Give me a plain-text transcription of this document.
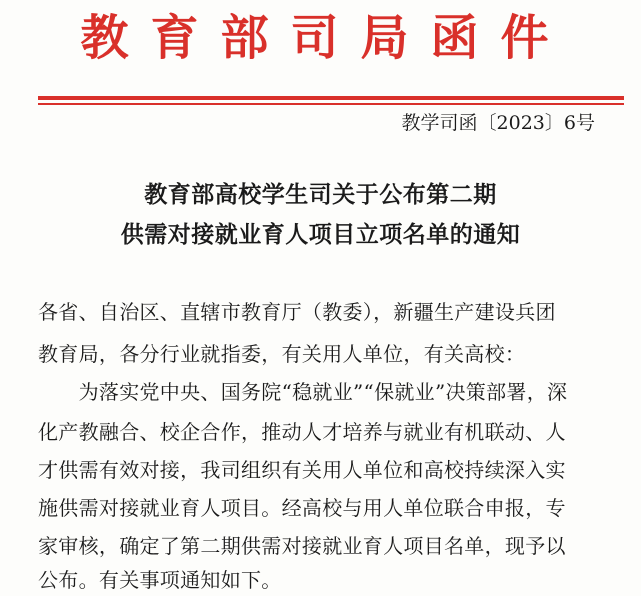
教育部司局函件
教学司函〔2023〕6号
教育部高校学生司关于公布第二期
供需对接就业育人项目立项名单的通知
各省、自治区、直辖市教育厅（教委），新疆生产建设兵团
教育局，各分行业就指委，有关用人单位，有关高校：
　　为落实党中央、国务院“稳就业”“保就业”决策部署，深
化产教融合、校企合作，推动人才培养与就业有机联动、人
才供需有效对接，我司组织有关用人单位和高校持续深入实
施供需对接就业育人项目。经高校与用人单位联合申报，专
家审核，确定了第二期供需对接就业育人项目名单，现予以
公布。有关事项通知如下。
